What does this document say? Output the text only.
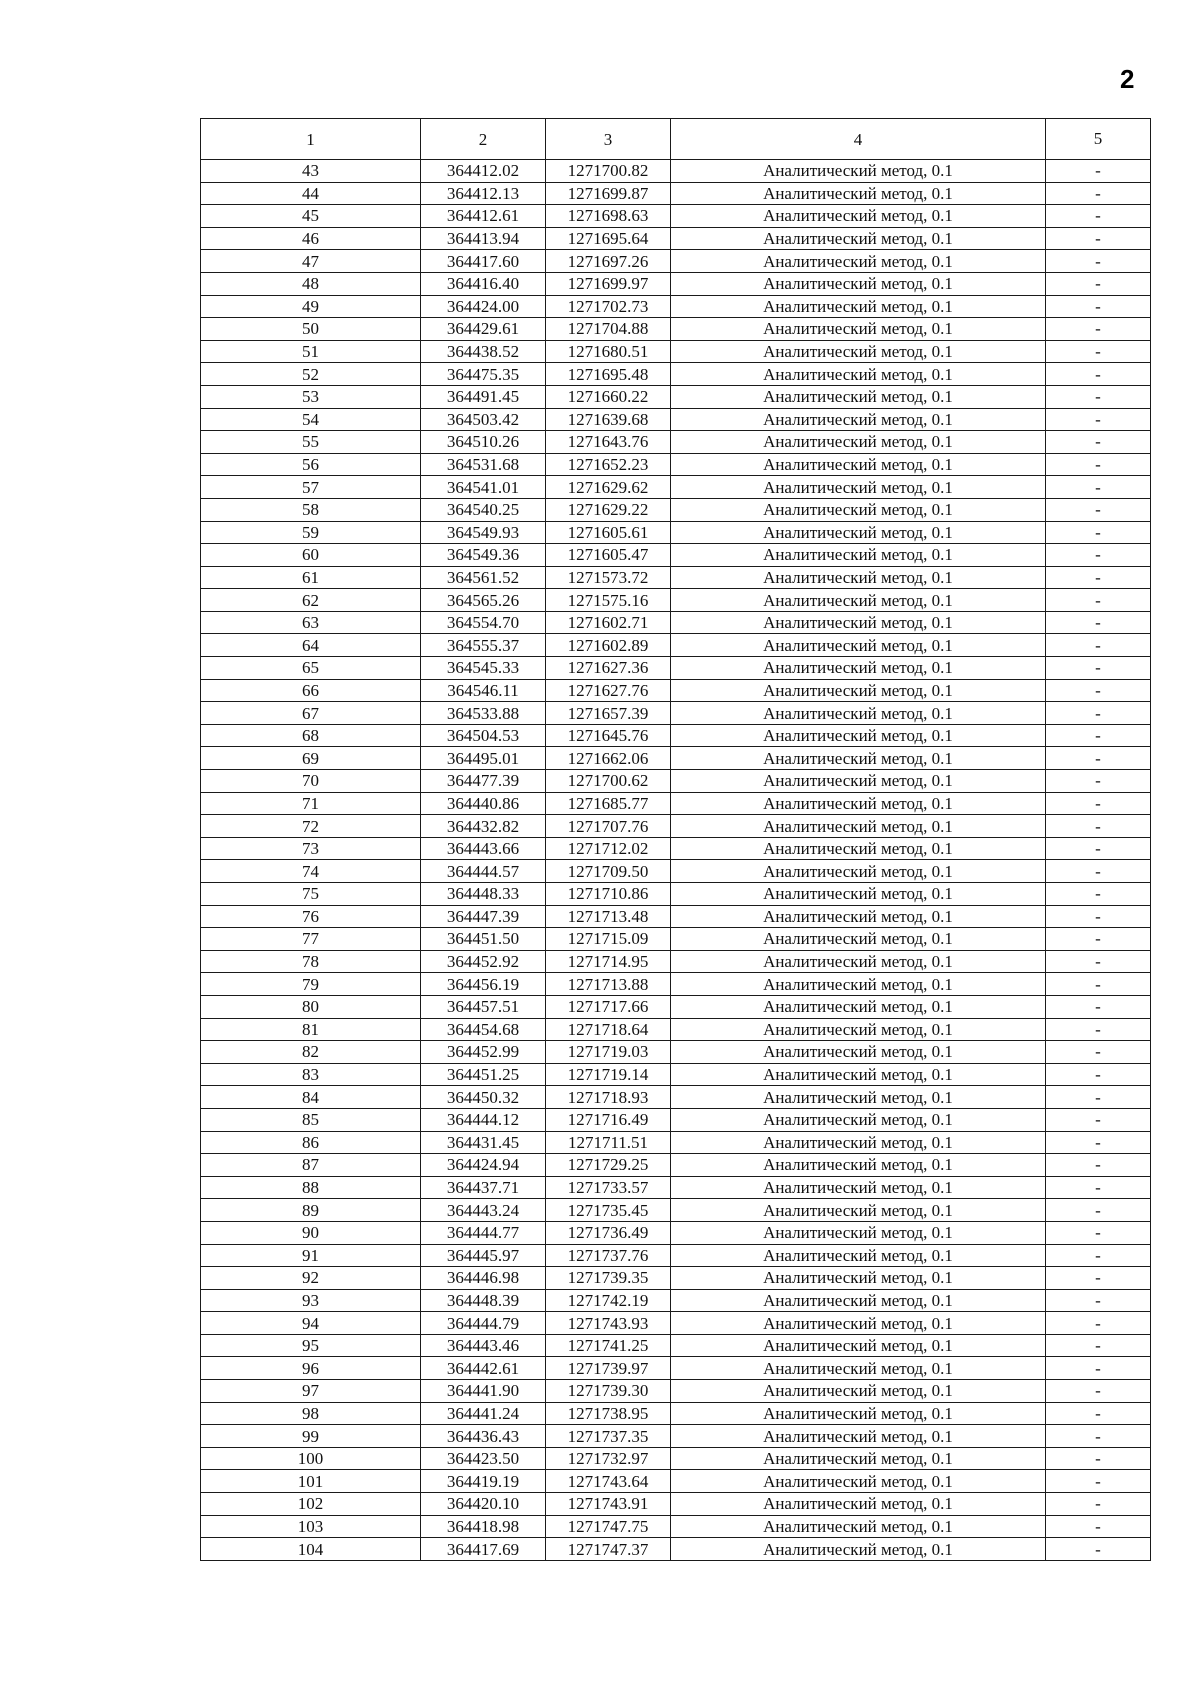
2
1	2	3	4	5
43	364412.02	1271700.82	Аналитический метод, 0.1	-
44	364412.13	1271699.87	Аналитический метод, 0.1	-
45	364412.61	1271698.63	Аналитический метод, 0.1	-
46	364413.94	1271695.64	Аналитический метод, 0.1	-
47	364417.60	1271697.26	Аналитический метод, 0.1	-
48	364416.40	1271699.97	Аналитический метод, 0.1	-
49	364424.00	1271702.73	Аналитический метод, 0.1	-
50	364429.61	1271704.88	Аналитический метод, 0.1	-
51	364438.52	1271680.51	Аналитический метод, 0.1	-
52	364475.35	1271695.48	Аналитический метод, 0.1	-
53	364491.45	1271660.22	Аналитический метод, 0.1	-
54	364503.42	1271639.68	Аналитический метод, 0.1	-
55	364510.26	1271643.76	Аналитический метод, 0.1	-
56	364531.68	1271652.23	Аналитический метод, 0.1	-
57	364541.01	1271629.62	Аналитический метод, 0.1	-
58	364540.25	1271629.22	Аналитический метод, 0.1	-
59	364549.93	1271605.61	Аналитический метод, 0.1	-
60	364549.36	1271605.47	Аналитический метод, 0.1	-
61	364561.52	1271573.72	Аналитический метод, 0.1	-
62	364565.26	1271575.16	Аналитический метод, 0.1	-
63	364554.70	1271602.71	Аналитический метод, 0.1	-
64	364555.37	1271602.89	Аналитический метод, 0.1	-
65	364545.33	1271627.36	Аналитический метод, 0.1	-
66	364546.11	1271627.76	Аналитический метод, 0.1	-
67	364533.88	1271657.39	Аналитический метод, 0.1	-
68	364504.53	1271645.76	Аналитический метод, 0.1	-
69	364495.01	1271662.06	Аналитический метод, 0.1	-
70	364477.39	1271700.62	Аналитический метод, 0.1	-
71	364440.86	1271685.77	Аналитический метод, 0.1	-
72	364432.82	1271707.76	Аналитический метод, 0.1	-
73	364443.66	1271712.02	Аналитический метод, 0.1	-
74	364444.57	1271709.50	Аналитический метод, 0.1	-
75	364448.33	1271710.86	Аналитический метод, 0.1	-
76	364447.39	1271713.48	Аналитический метод, 0.1	-
77	364451.50	1271715.09	Аналитический метод, 0.1	-
78	364452.92	1271714.95	Аналитический метод, 0.1	-
79	364456.19	1271713.88	Аналитический метод, 0.1	-
80	364457.51	1271717.66	Аналитический метод, 0.1	-
81	364454.68	1271718.64	Аналитический метод, 0.1	-
82	364452.99	1271719.03	Аналитический метод, 0.1	-
83	364451.25	1271719.14	Аналитический метод, 0.1	-
84	364450.32	1271718.93	Аналитический метод, 0.1	-
85	364444.12	1271716.49	Аналитический метод, 0.1	-
86	364431.45	1271711.51	Аналитический метод, 0.1	-
87	364424.94	1271729.25	Аналитический метод, 0.1	-
88	364437.71	1271733.57	Аналитический метод, 0.1	-
89	364443.24	1271735.45	Аналитический метод, 0.1	-
90	364444.77	1271736.49	Аналитический метод, 0.1	-
91	364445.97	1271737.76	Аналитический метод, 0.1	-
92	364446.98	1271739.35	Аналитический метод, 0.1	-
93	364448.39	1271742.19	Аналитический метод, 0.1	-
94	364444.79	1271743.93	Аналитический метод, 0.1	-
95	364443.46	1271741.25	Аналитический метод, 0.1	-
96	364442.61	1271739.97	Аналитический метод, 0.1	-
97	364441.90	1271739.30	Аналитический метод, 0.1	-
98	364441.24	1271738.95	Аналитический метод, 0.1	-
99	364436.43	1271737.35	Аналитический метод, 0.1	-
100	364423.50	1271732.97	Аналитический метод, 0.1	-
101	364419.19	1271743.64	Аналитический метод, 0.1	-
102	364420.10	1271743.91	Аналитический метод, 0.1	-
103	364418.98	1271747.75	Аналитический метод, 0.1	-
104	364417.69	1271747.37	Аналитический метод, 0.1	-
